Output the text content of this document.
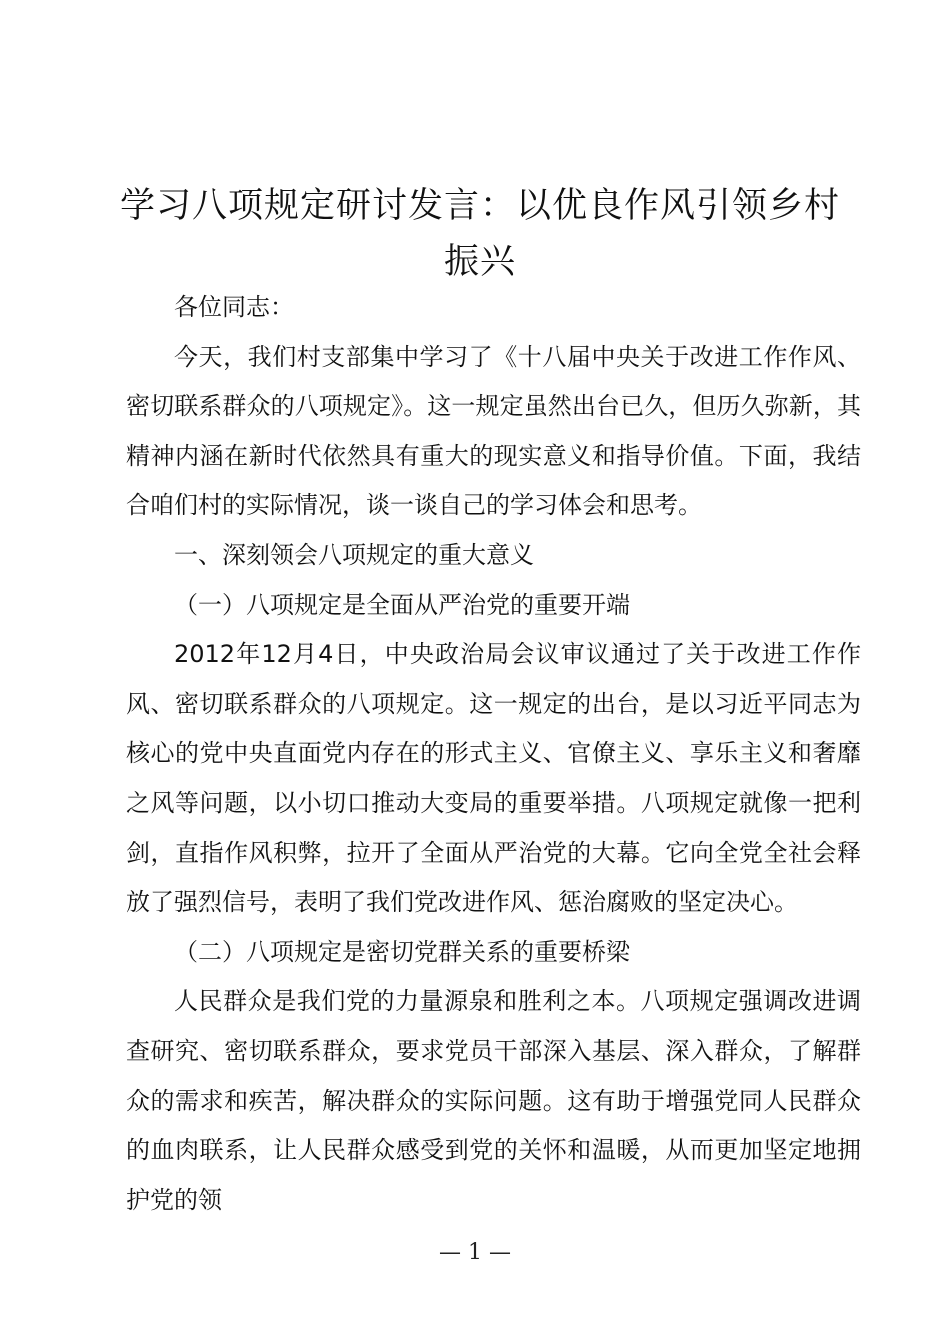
学习八项规定研讨发言：以优良作风引领乡村振兴

各位同志：

今天，我们村支部集中学习了《十八届中央关于改进工作作风、密切联系群众的八项规定》。这一规定虽然出台已久，但历久弥新，其精神内涵在新时代依然具有重大的现实意义和指导价值。下面，我结合咱们村的实际情况，谈一谈自己的学习体会和思考。

一、深刻领会八项规定的重大意义

（一）八项规定是全面从严治党的重要开端

2012年12月4日，中央政治局会议审议通过了关于改进工作作风、密切联系群众的八项规定。这一规定的出台，是以习近平同志为核心的党中央直面党内存在的形式主义、官僚主义、享乐主义和奢靡之风等问题，以小切口推动大变局的重要举措。八项规定就像一把利剑，直指作风积弊，拉开了全面从严治党的大幕。它向全党全社会释放了强烈信号，表明了我们党改进作风、惩治腐败的坚定决心。

（二）八项规定是密切党群关系的重要桥梁

人民群众是我们党的力量源泉和胜利之本。八项规定强调改进调查研究、密切联系群众，要求党员干部深入基层、深入群众，了解群众的需求和疾苦，解决群众的实际问题。这有助于增强党同人民群众的血肉联系，让人民群众感受到党的关怀和温暖，从而更加坚定地拥护党的领

— 1 —
